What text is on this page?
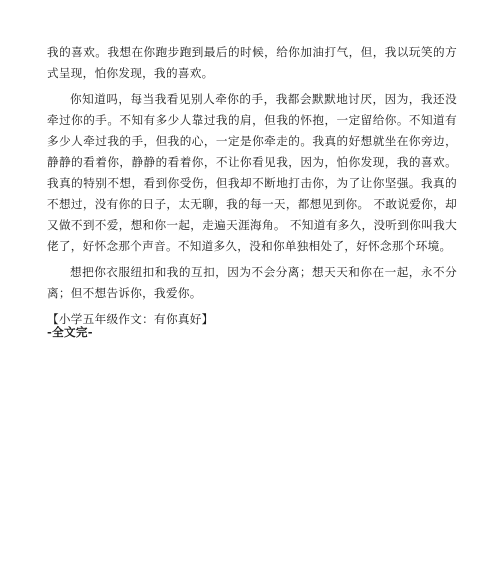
我的喜欢。我想在你跑步跑到最后的时候，给你加油打气，但，我以玩笑的方式呈现，怕你发现，我的喜欢。

你知道吗，每当我看见别人牵你的手，我都会默默地讨厌，因为，我还没牵过你的手。不知有多少人靠过我的肩，但我的怀抱，一定留给你。不知道有多少人牵过我的手，但我的心，一定是你牵走的。我真的好想就坐在你旁边，静静的看着你，静静的看着你，不让你看见我，因为，怕你发现，我的喜欢。我真的特别不想，看到你受伤，但我却不断地打击你，为了让你坚强。我真的不想过，没有你的日子，太无聊，我的每一天，都想见到你。 不敢说爱你，却又做不到不爱，想和你一起，走遍天涯海角。 不知道有多久，没听到你叫我大佬了，好怀念那个声音。不知道多久，没和你单独相处了，好怀念那个环境。

想把你衣服纽扣和我的互扣，因为不会分离；想天天和你在一起，永不分离；但不想告诉你，我爱你。

【小学五年级作文：有你真好】

-全文完-
